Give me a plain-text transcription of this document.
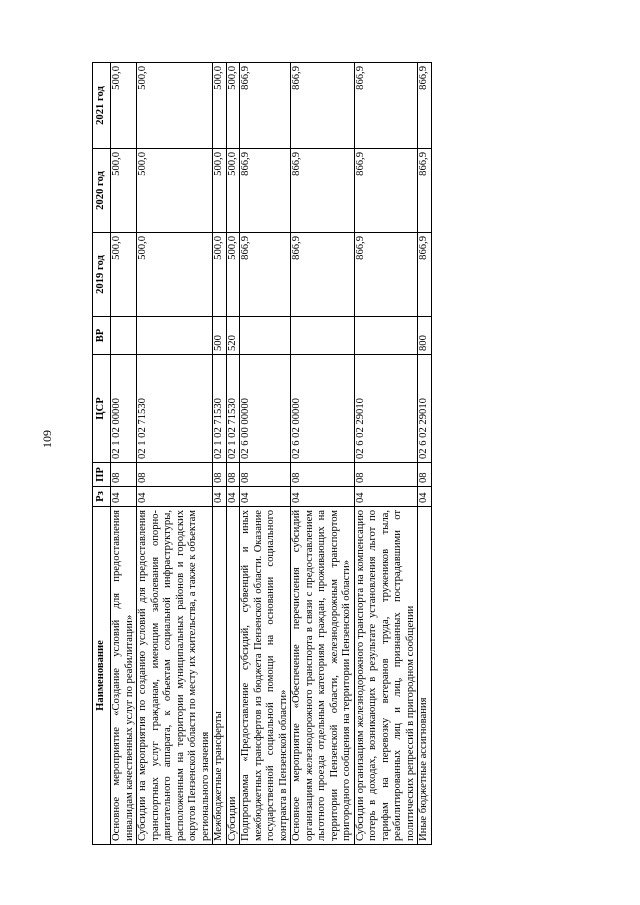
109
Наименование	Рз	ПР	ЦСР	ВР	2019 год	2020 год	2021 год
Основное мероприятие «Создание условий для предоставления инвалидам качественных услуг по реабилитации»	04	08	02 1 02 00000		500,0	500,0	500,0
Субсидии на мероприятия по созданию условий для предоставления транспортных услуг гражданам, имеющим заболевания опорно-двигательного аппарата, к объектам социальной инфраструктуры, расположенным на территории муниципальных районов и городских округов Пензенской области по месту их жительства, а также к объектам регионального значения	04	08	02 1 02 71530		500,0	500,0	500,0
Межбюджетные трансферты	04	08	02 1 02 71530	500	500,0	500,0	500,0
Субсидии	04	08	02 1 02 71530	520	500,0	500,0	500,0
Подпрограмма «Предоставление субсидий, субвенций и иных межбюджетных трансфертов из бюджета Пензенской области. Оказание государственной социальной помощи на основании социального контракта в Пензенской области»	04	08	02 6 00 00000		866,9	866,9	866,9
Основное мероприятие «Обеспечение перечисления субсидий организациям железнодорожного транспорта в связи с предоставлением льготного проезда отдельным категориям граждан, проживающих на территории Пензенской области, железнодорожным транспортом пригородного сообщения на территории Пензенской области»	04	08	02 6 02 00000		866,9	866,9	866,9
Субсидии организациям железнодорожного транспорта на компенсацию потерь в доходах, возникающих в результате установления льгот по тарифам на перевозку ветеранов труда, тружеников тыла, реабилитированных лиц и лиц, признанных пострадавшими от политических репрессий в пригородном сообщении	04	08	02 6 02 29010		866,9	866,9	866,9
Иные бюджетные ассигнования	04	08	02 6 02 29010	800	866,9	866,9	866,9
